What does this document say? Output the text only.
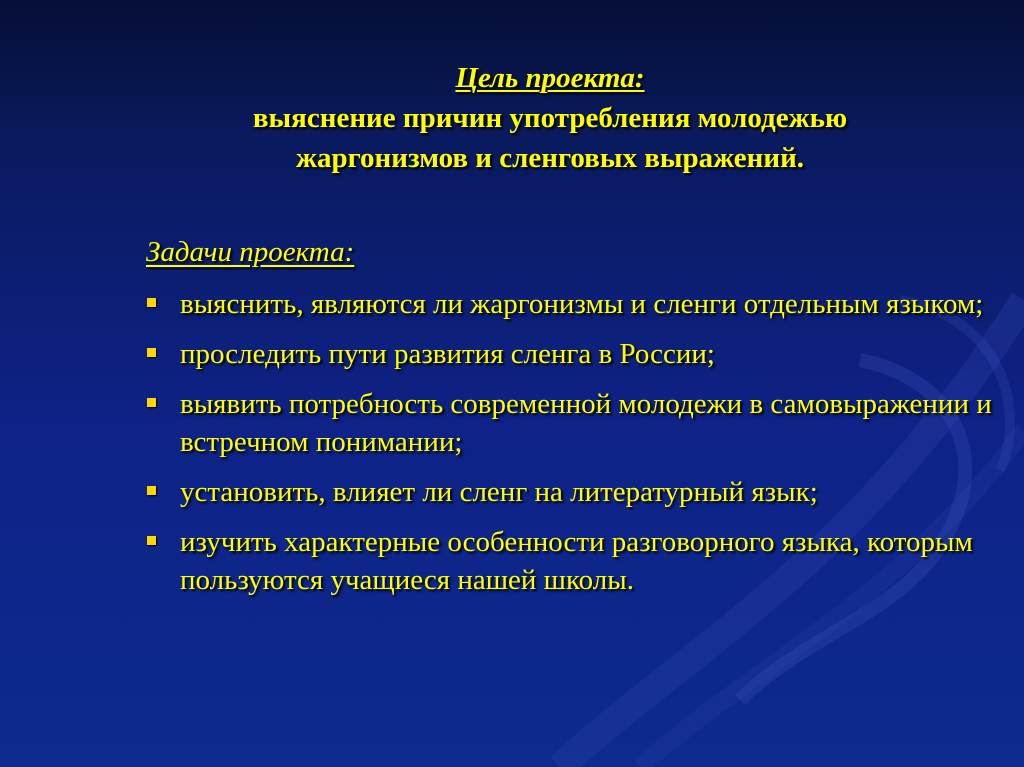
Цель проекта:
выяснение причин употребления молодежью
жаргонизмов и сленговых выражений.
Задачи проекта:
выяснить, являются ли жаргонизмы и сленги отдельным языком;
проследить пути развития сленга в России;
выявить потребность современной молодежи в самовыражении и встречном понимании;
установить, влияет ли сленг на литературный язык;
изучить характерные особенности разговорного языка, которым пользуются учащиеся нашей школы.
